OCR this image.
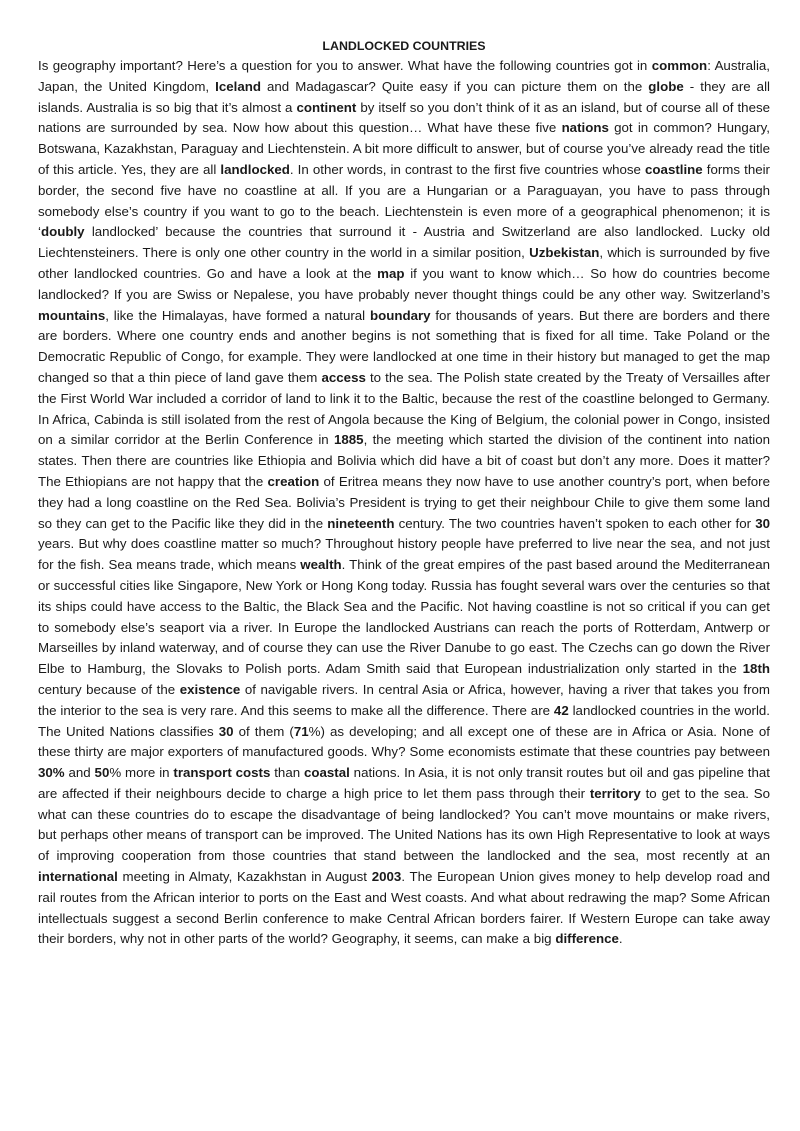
LANDLOCKED COUNTRIES

Is geography important? Here’s a question for you to answer. What have the following countries got in common: Australia, Japan, the United Kingdom, Iceland and Madagascar? Quite easy if you can picture them on the globe - they are all islands. Australia is so big that it’s almost a continent by itself so you don’t think of it as an island, but of course all of these nations are surrounded by sea. Now how about this question… What have these five nations got in common? Hungary, Botswana, Kazakhstan, Paraguay and Liechtenstein. A bit more difficult to answer, but of course you’ve already read the title of this article. Yes, they are all landlocked. In other words, in contrast to the first five countries whose coastline forms their border, the second five have no coastline at all. If you are a Hungarian or a Paraguayan, you have to pass through somebody else’s country if you want to go to the beach. Liechtenstein is even more of a geographical phenomenon; it is ‘doubly landlocked’ because the countries that surround it - Austria and Switzerland are also landlocked. Lucky old Liechtensteiners. There is only one other country in the world in a similar position, Uzbekistan, which is surrounded by five other landlocked countries. Go and have a look at the map if you want to know which… So how do countries become landlocked? If you are Swiss or Nepalese, you have probably never thought things could be any other way. Switzerland’s mountains, like the Himalayas, have formed a natural boundary for thousands of years. But there are borders and there are borders. Where one country ends and another begins is not something that is fixed for all time. Take Poland or the Democratic Republic of Congo, for example. They were landlocked at one time in their history but managed to get the map changed so that a thin piece of land gave them access to the sea. The Polish state created by the Treaty of Versailles after the First World War included a corridor of land to link it to the Baltic, because the rest of the coastline belonged to Germany. In Africa, Cabinda is still isolated from the rest of Angola because the King of Belgium, the colonial power in Congo, insisted on a similar corridor at the Berlin Conference in 1885, the meeting which started the division of the continent into nation states. Then there are countries like Ethiopia and Bolivia which did have a bit of coast but don’t any more. Does it matter? The Ethiopians are not happy that the creation of Eritrea means they now have to use another country’s port, when before they had a long coastline on the Red Sea. Bolivia’s President is trying to get their neighbour Chile to give them some land so they can get to the Pacific like they did in the nineteenth century. The two countries haven’t spoken to each other for 30 years. But why does coastline matter so much? Throughout history people have preferred to live near the sea, and not just for the fish. Sea means trade, which means wealth. Think of the great empires of the past based around the Mediterranean or successful cities like Singapore, New York or Hong Kong today. Russia has fought several wars over the centuries so that its ships could have access to the Baltic, the Black Sea and the Pacific. Not having coastline is not so critical if you can get to somebody else’s seaport via a river. In Europe the landlocked Austrians can reach the ports of Rotterdam, Antwerp or Marseilles by inland waterway, and of course they can use the River Danube to go east. The Czechs can go down the River Elbe to Hamburg, the Slovaks to Polish ports. Adam Smith said that European industrialization only started in the 18th century because of the existence of navigable rivers. In central Asia or Africa, however, having a river that takes you from the interior to the sea is very rare. And this seems to make all the difference. There are 42 landlocked countries in the world. The United Nations classifies 30 of them (71%) as developing; and all except one of these are in Africa or Asia. None of these thirty are major exporters of manufactured goods. Why? Some economists estimate that these countries pay between 30% and 50% more in transport costs than coastal nations. In Asia, it is not only transit routes but oil and gas pipeline that are affected if their neighbours decide to charge a high price to let them pass through their territory to get to the sea. So what can these countries do to escape the disadvantage of being landlocked? You can’t move mountains or make rivers, but perhaps other means of transport can be improved. The United Nations has its own High Representative to look at ways of improving cooperation from those countries that stand between the landlocked and the sea, most recently at an international meeting in Almaty, Kazakhstan in August 2003. The European Union gives money to help develop road and rail routes from the African interior to ports on the East and West coasts. And what about redrawing the map? Some African intellectuals suggest a second Berlin conference to make Central African borders fairer. If Western Europe can take away their borders, why not in other parts of the world? Geography, it seems, can make a big difference.
